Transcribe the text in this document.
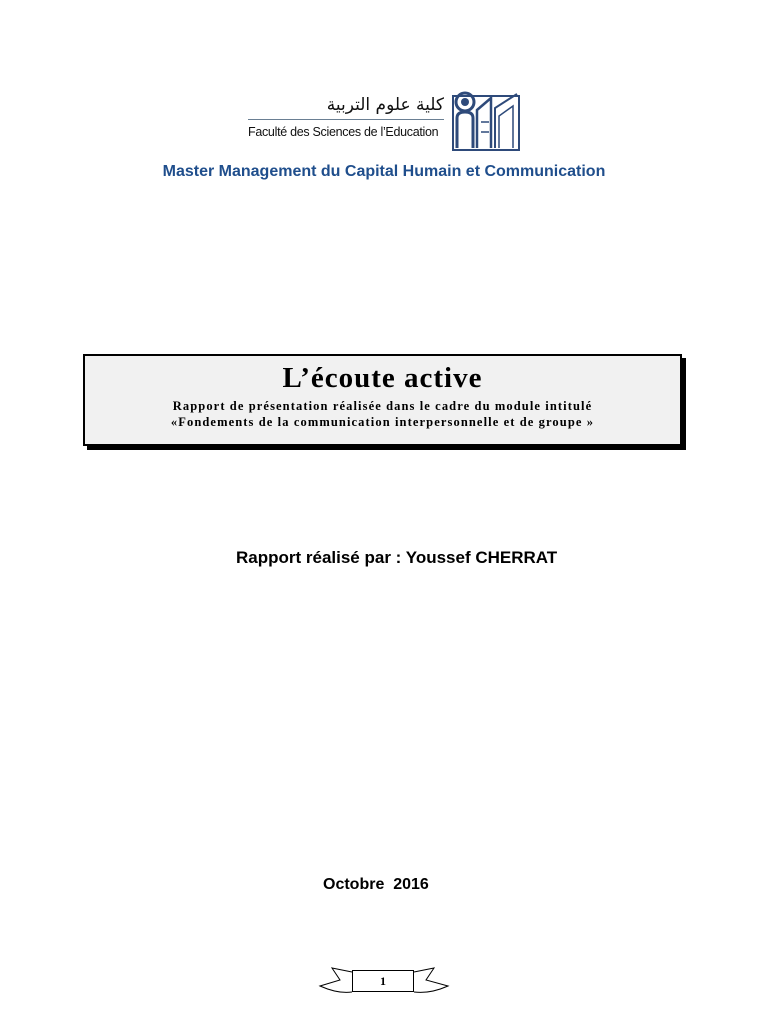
كلية علوم التربية
Faculté des Sciences de l’Education
Master Management du Capital Humain et Communication
L’écoute active
Rapport de présentation réalisée dans le cadre du module intitulé
«Fondements de la communication interpersonnelle et de groupe »
Rapport réalisé par : Youssef CHERRAT
Octobre  2016
1
